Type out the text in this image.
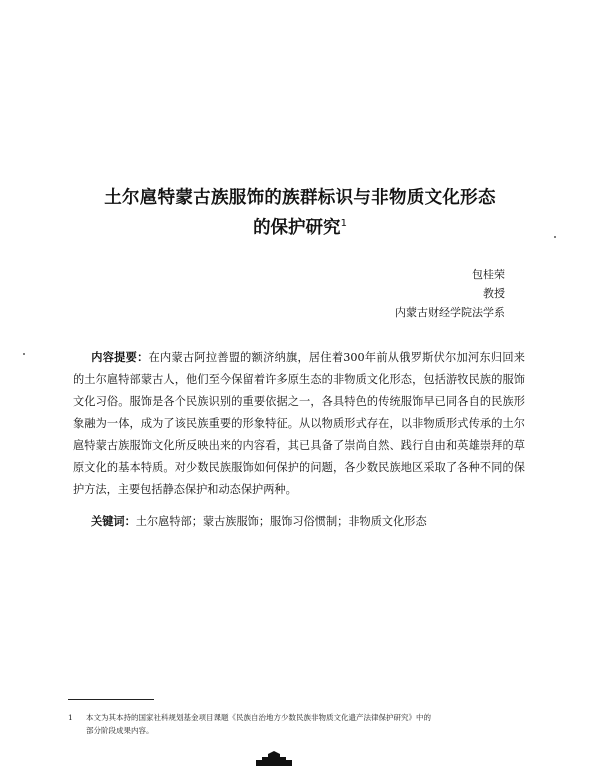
土尔扈特蒙古族服饰的族群标识与非物质文化形态
的保护研究$^1$
包桂荣
教授
内蒙古财经学院法学系
内容提要：在内蒙古阿拉善盟的额济纳旗，居住着300年前从俄罗斯伏尔加河东归回来的土尔扈特部蒙古人，他们至今保留着许多原生态的非物质文化形态，包括游牧民族的服饰文化习俗。服饰是各个民族识别的重要依据之一，各具特色的传统服饰早已同各自的民族形象融为一体，成为了该民族重要的形象特征。从以物质形式存在，以非物质形式传承的土尔扈特蒙古族服饰文化所反映出来的内容看，其已具备了崇尚自然、践行自由和英雄崇拜的草原文化的基本特质。对少数民族服饰如何保护的问题，各少数民族地区采取了各种不同的保护方法，主要包括静态保护和动态保护两种。
关键词：土尔扈特部；蒙古族服饰；服饰习俗惯制；非物质文化形态
1 本文为其本持的国家社科规划基金项目课题《民族自治地方少数民族非物质文化遗产法律保护研究》中的
部分阶段成果内容。
